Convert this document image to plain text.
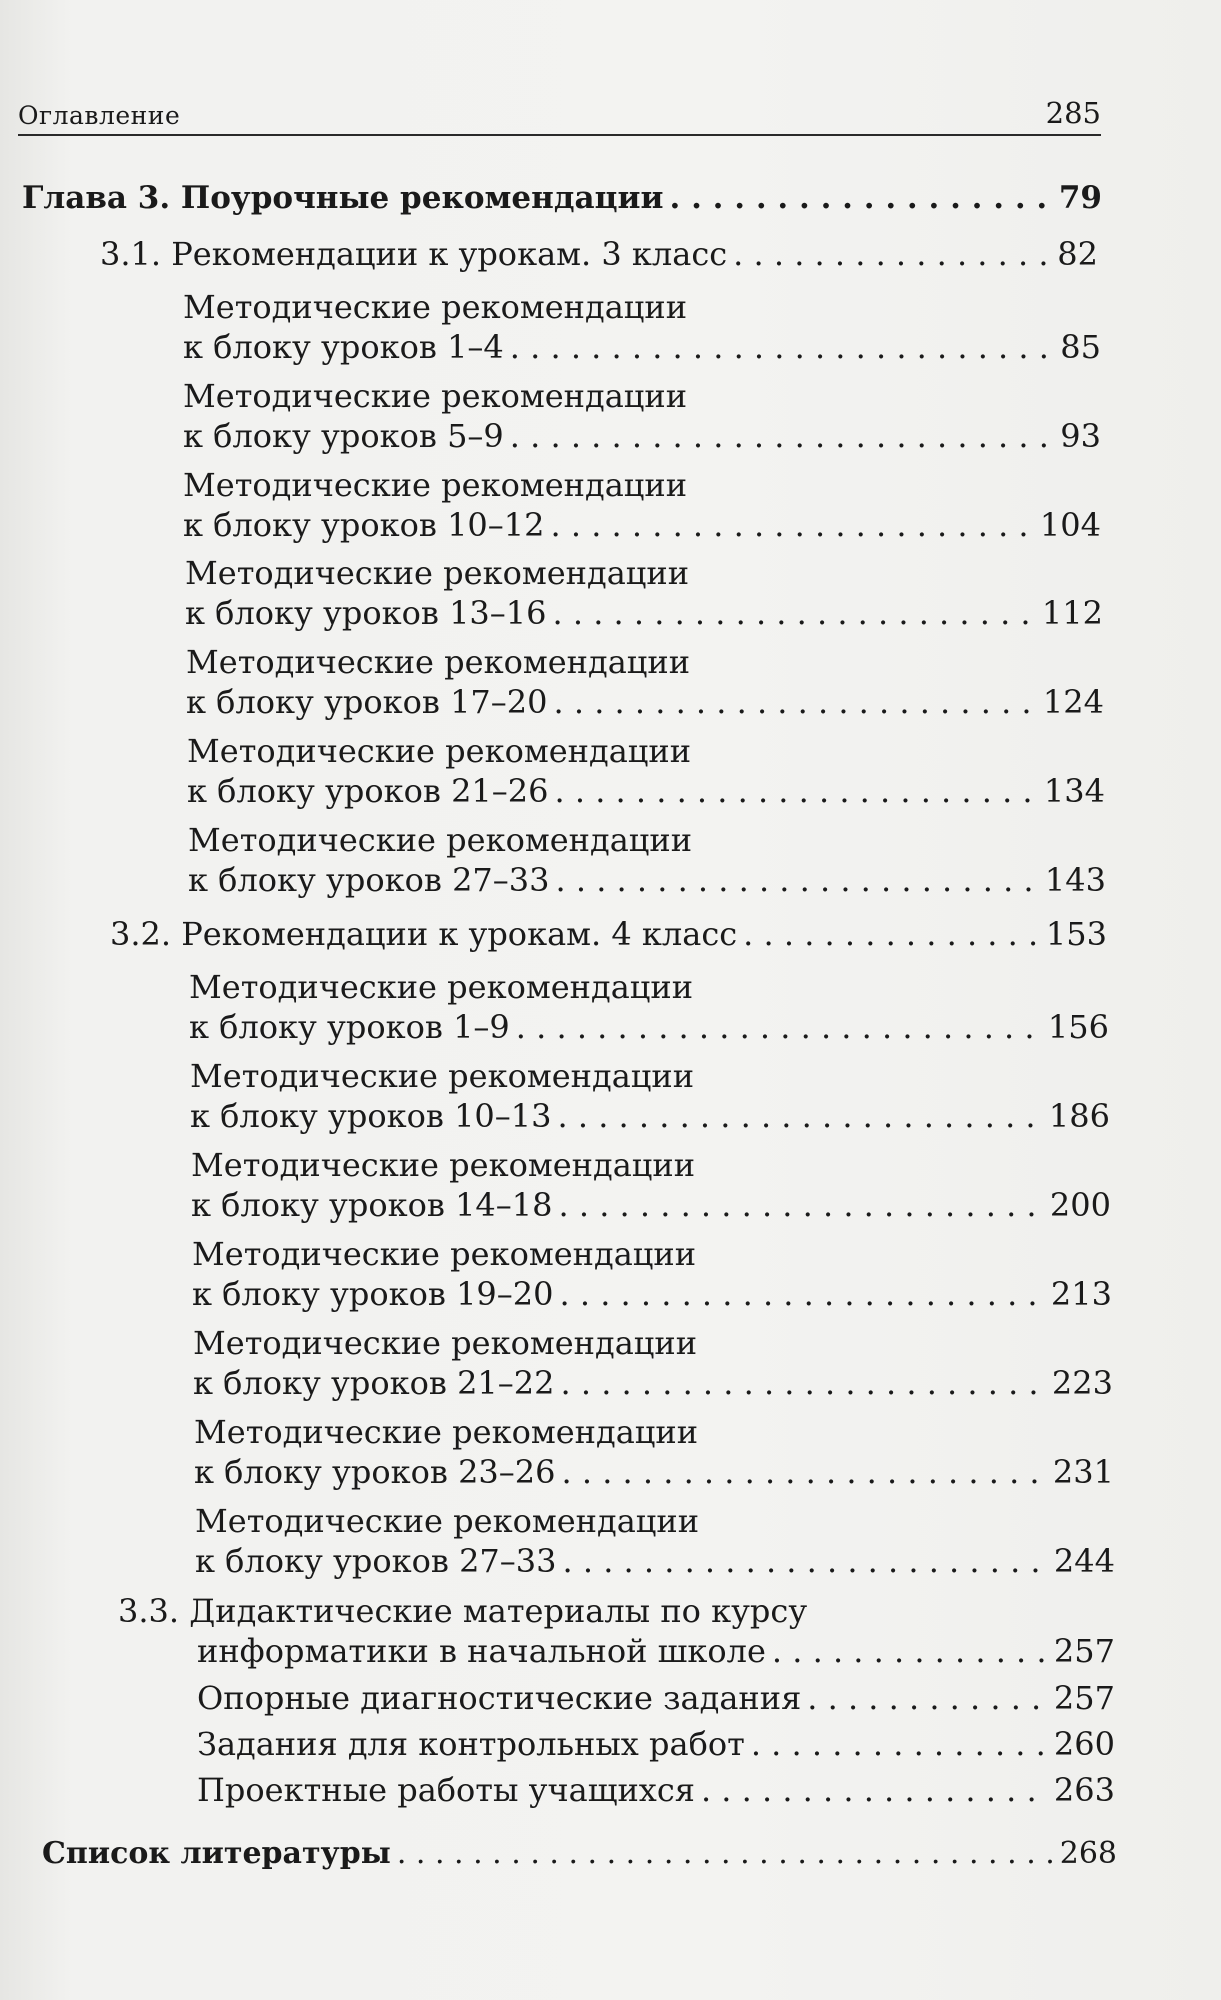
Оглавление	285
Глава 3. Поурочные рекомендации . . .	79
3.1. Рекомендации к урокам. 3 класс . . .	82
Методические рекомендации
к блоку уроков 1–4 . . .	85
Методические рекомендации
к блоку уроков 5–9 . . .	93
Методические рекомендации
к блоку уроков 10–12 . . .	104
Методические рекомендации
к блоку уроков 13–16 . . .	112
Методические рекомендации
к блоку уроков 17–20 . . .	124
Методические рекомендации
к блоку уроков 21–26 . . .	134
Методические рекомендации
к блоку уроков 27–33 . . .	143
3.2. Рекомендации к урокам. 4 класс . . .	153
Методические рекомендации
к блоку уроков 1–9 . . .	156
Методические рекомендации
к блоку уроков 10–13 . . .	186
Методические рекомендации
к блоку уроков 14–18 . . .	200
Методические рекомендации
к блоку уроков 19–20 . . .	213
Методические рекомендации
к блоку уроков 21–22 . . .	223
Методические рекомендации
к блоку уроков 23–26 . . .	231
Методические рекомендации
к блоку уроков 27–33 . . .	244
3.3. Дидактические материалы по курсу
информатики в начальной школе . . .	257
Опорные диагностические задания . . .	257
Задания для контрольных работ . . .	260
Проектные работы учащихся . . .	263
Список литературы . . .	268
